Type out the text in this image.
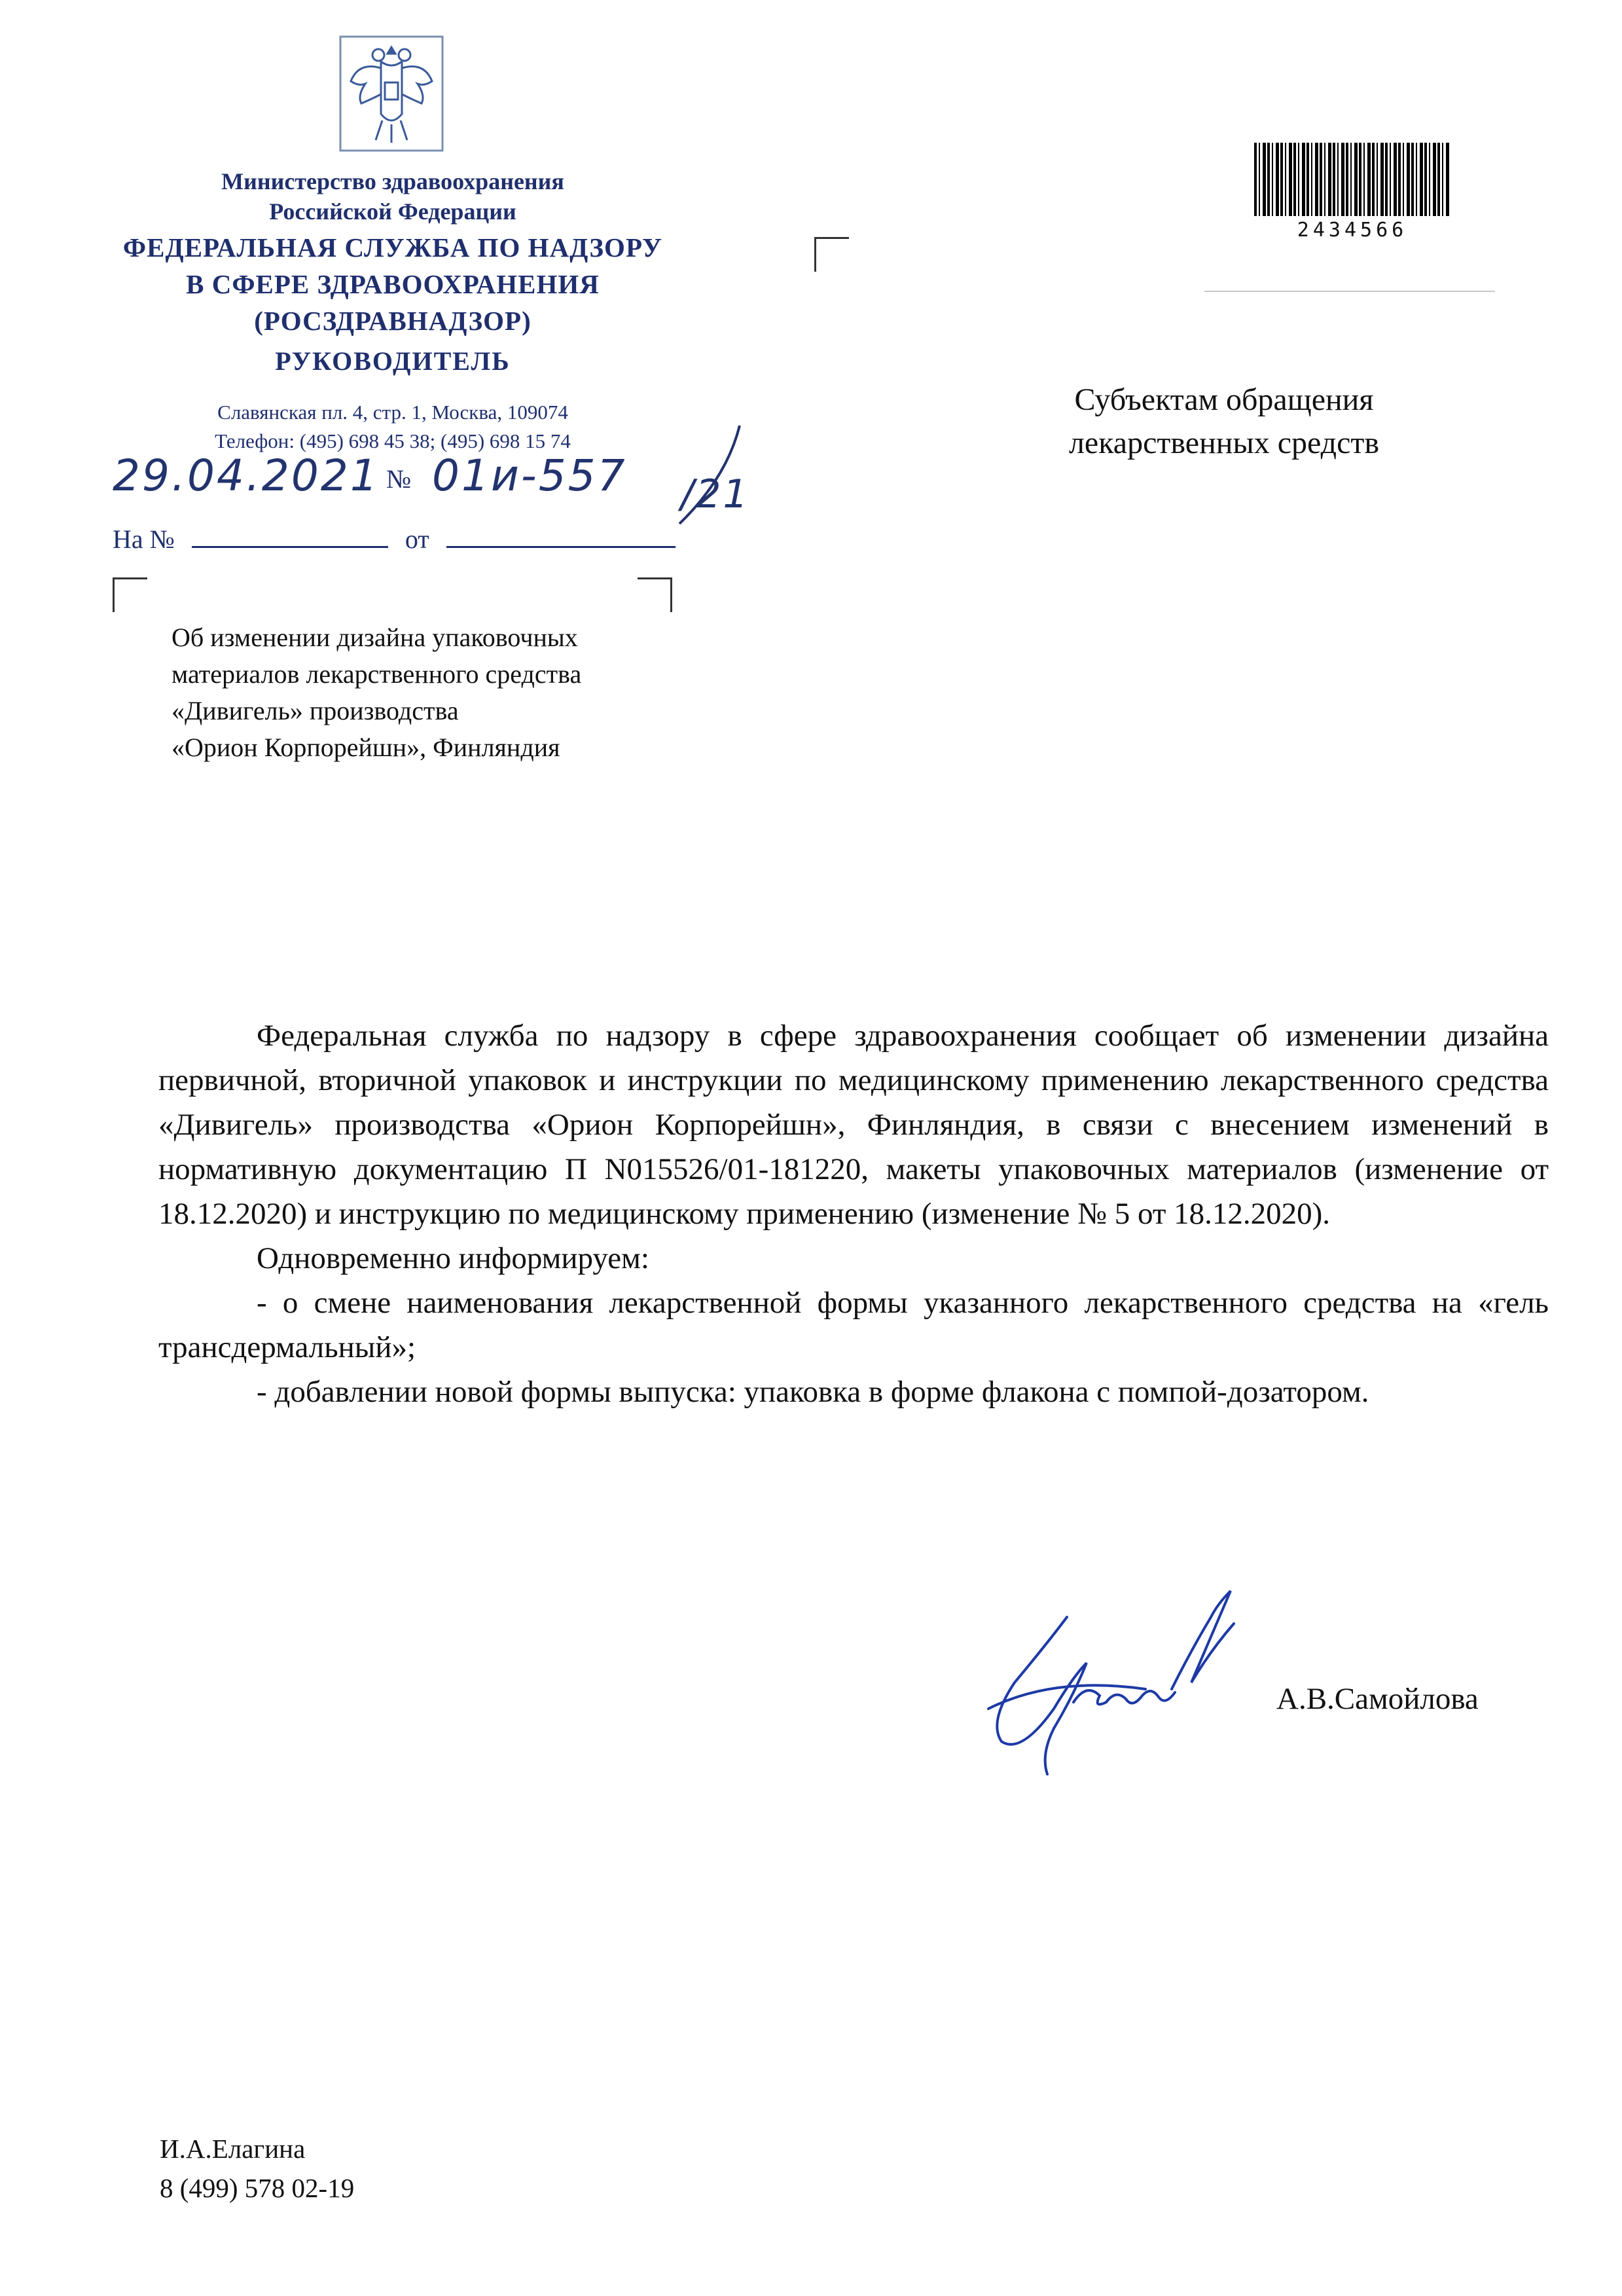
Министерство здравоохранения
Российской Федерации
ФЕДЕРАЛЬНАЯ СЛУЖБА ПО НАДЗОРУ
В СФЕРЕ ЗДРАВООХРАНЕНИЯ
(РОСЗДРАВНАДЗОР)
РУКОВОДИТЕЛЬ
Славянская пл. 4, стр. 1, Москва, 109074
Телефон: (495) 698 45 38; (495) 698 15 74
29.04.2021 № 01и-557 /21
На №	от
2434566
Субъектам обращения
лекарственных средств
Об изменении дизайна упаковочных
материалов лекарственного средства
«Дивигель» производства
«Орион Корпорейшн», Финляндия

Федеральная служба по надзору в сфере здравоохранения сообщает об изменении дизайна первичной, вторичной упаковок и инструкции по медицинскому применению лекарственного средства «Дивигель» производства «Орион Корпорейшн», Финляндия, в связи с внесением изменений в нормативную документацию П N015526/01-181220, макеты упаковочных материалов (изменение от 18.12.2020) и инструкцию по медицинскому применению (изменение № 5 от 18.12.2020).

Одновременно информируем:

- о смене наименования лекарственной формы указанного лекарственного средства на «гель трансдермальный»;

- добавлении новой формы выпуска: упаковка в форме флакона с помпой-дозатором.

А.В.Самойлова
И.А.Елагина
8 (499) 578 02-19
